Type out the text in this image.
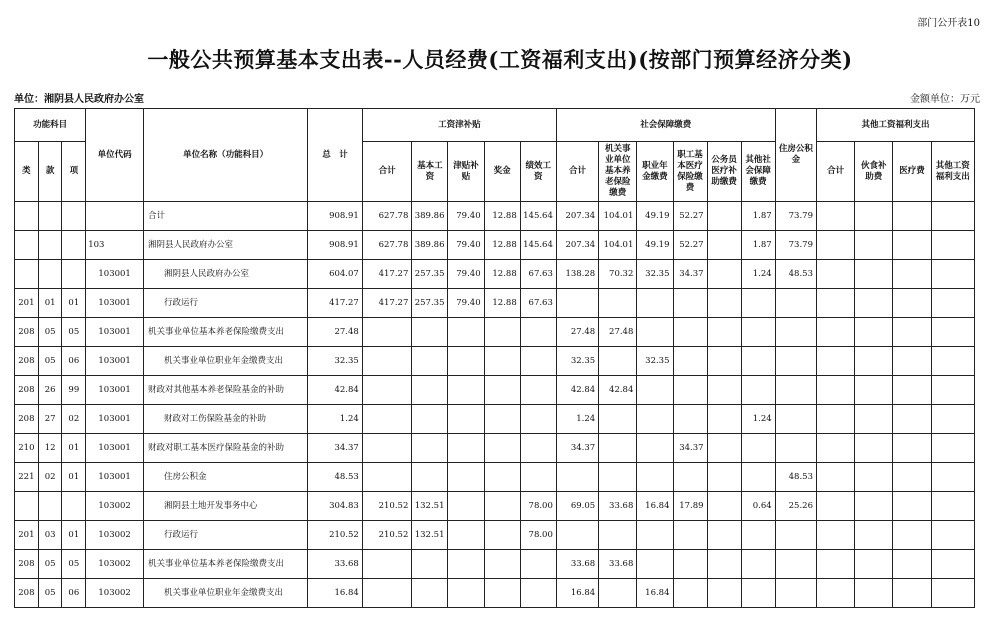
部门公开表10
一般公共预算基本支出表--人员经费(工资福利支出)(按部门预算经济分类)
单位：湘阴县人民政府办公室	金额单位：万元
功能科目			单位代码	单位名称（功能科目）	总　计	工资津补贴					社会保障缴费						住房公积金	其他工资福利支出			
类	款	项				合计	基本工资	津贴补贴	奖金	绩效工资	合计	机关事业单位基本养老保险缴费	职业年金缴费	职工基本医疗保险缴费	公务员医疗补助缴费	其他社会保障缴费		合计	伙食补助费	医疗费	其他工资福利支出
				合计	908.91	627.78	389.86	79.40	12.88	145.64	207.34	104.01	49.19	52.27		1.87	73.79				
			103	湘阴县人民政府办公室	908.91	627.78	389.86	79.40	12.88	145.64	207.34	104.01	49.19	52.27		1.87	73.79				
			103001	湘阴县人民政府办公室	604.07	417.27	257.35	79.40	12.88	67.63	138.28	70.32	32.35	34.37		1.24	48.53				
201	01	01	103001	行政运行	417.27	417.27	257.35	79.40	12.88	67.63											
208	05	05	103001	机关事业单位基本养老保险缴费支出	27.48						27.48	27.48									
208	05	06	103001	机关事业单位职业年金缴费支出	32.35						32.35		32.35								
208	26	99	103001	财政对其他基本养老保险基金的补助	42.84						42.84	42.84									
208	27	02	103001	财政对工伤保险基金的补助	1.24						1.24					1.24					
210	12	01	103001	财政对职工基本医疗保险基金的补助	34.37						34.37			34.37							
221	02	01	103001	住房公积金	48.53												48.53				
			103002	湘阴县土地开发事务中心	304.83	210.52	132.51			78.00	69.05	33.68	16.84	17.89		0.64	25.26				
201	03	01	103002	行政运行	210.52	210.52	132.51			78.00											
208	05	05	103002	机关事业单位基本养老保险缴费支出	33.68						33.68	33.68									
208	05	06	103002	机关事业单位职业年金缴费支出	16.84						16.84		16.84								
